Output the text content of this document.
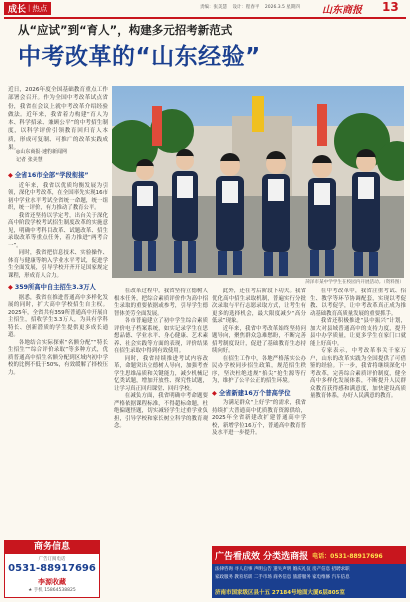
成长 | 热点	责编：张美慧 设计：程春平 2026.3.5 星期四	山东商报 13
从“应试”到“育人”，构建多元招考新范式
中考改革的“山东经验”
近日，2026年度全国基础教育重点工作部署会召开。作为全国中考改革试点省份，我省在会议上就中考改革介绍经验做法。近年来，我省着力构建“育人为本、科学招录、兼顾公平”的中考招生制度，以科学评价引领教育回归育人本质，形成可复制、可推广的改革实践成果。
◎山东商报·速豹新闻网
记者 张美慧
菏泽市某中学学生在校园内开展活动。（资料图）
◆ 全省16市全部“学段衔接”

近年来，我省以优质均衡发展为引领，深化中考改革，在全国率先实现16市初中学业水平考试全省统一命题，统一组织，统一评价，有力推动了教育公平。

我省还坚持以学定考，出台关于深化高中阶段学校考试招生制度改革的实施意见，明确中考科目改革、试题改革、招生录取改革等重点任务，着力推进“两考合一”。

同时，我省把信息技术、实验操作、体育与健康等纳入学业水平考试，促进学生全面发展，引导学校开齐开足国家规定课程，形成育人合力。

◆ 359所高中自主招生3.3万人

据悉，我省在推进普通高中多样化发展的同时，扩大高中学校招生自主权。2025年，全省共有359所普通高中开展自主招生，招收学生3.3万人，为具有学科特长、创新潜质的学生提供更多成长通道。

各地结合实际探索“名额分配”“特长生招生”“综合评价录取”等多种方式，优质普通高中招生名额分配到区域内初中学校的比例不低于50%，有效缓解了择校压力。

在改革过程中，我省坚持立德树人根本任务，把综合素质评价作为高中招生录取的重要依据或参考，引导学生德智体美劳全面发展。

各市普遍建立了初中学生综合素质评价电子档案系统，如实记录学生在思想品德、学业水平、身心健康、艺术素养、社会实践等方面的表现，评价结果在招生录取中得到有效使用。

同时，我省持续推进考试内容改革，命题突出立德树人导向，加强考查学生思维品质和关键能力，减少机械记忆类试题，增加开放性、探究性试题，让学习真正回归课堂、回归学校。

在减负方面，我省明确中考命题要严格依据课程标准，不得超标命题，杜绝偏题怪题，切实减轻学生过重学业负担，引导学校和家长树立科学的教育观念。

此外，还在考后阶段下功夫。我省优化高中招生录取机制，普遍实行分批次录取与平行志愿录取方式，让考生有更多的选择机会，最大限度减少“高分低录”现象。

近年来，我省中考改革始终坚持问题导向，聚焦群众急难愁盼，不断完善招考制度设计，促进了基础教育生态持续向好。

在招生工作中，各地严格落实公办民办学校同步招生政策，规范招生秩序，坚决杜绝违规“掐尖”抢生源等行为，维护了公平公正的招生环境。

◆ 全省新建16万个普高学位

为满足群众“上好学”的需求，我省持续扩大普通高中优质教育资源供给，2025年全省新建改扩建普通高中学校，新增学位16万个，普通高中教育普及水平进一步提升。

在中考改革中，我省注重考试、招生、教学等环节协调配套，实现以考促教、以考促学，让中考改革真正成为推动基础教育高质量发展的重要抓手。

我省还积极推进“县中振兴”计划，加大对县域普通高中的支持力度，提升县中办学质量，让更多学生在家门口就能上好高中。

专家表示，中考改革事关千家万户，山东的改革实践为全国提供了可借鉴的经验。下一步，我省将继续深化中考改革，完善综合素质评价制度，健全高中多样化发展体系，不断提升人民群众教育获得感和满意度，加快建设高质量教育体系，办好人民满意的教育。

商务信息
广告订阅电话
0531-88917696
李源收藏
★ 手机 15864538825
广告看成效 分类选商报 电话：0531-88917696
法律咨询 寻人启事 声明公告 遗失声明 婚庆礼仪 房产信息 招聘求职
家政服务 教育培训 二手市场 商务信息 旅游服务 家电维修 汽车信息
济南市国家级区县十五 27184号地面大厦6层805室
